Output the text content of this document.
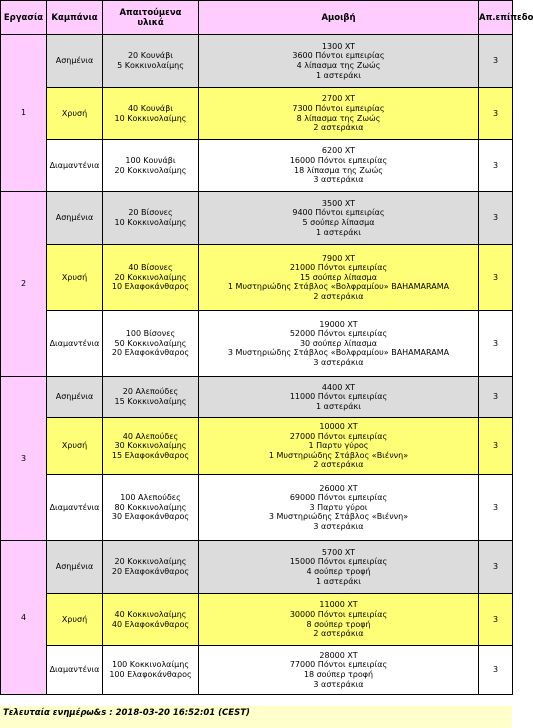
Εργασία	Καμπάνια	Απαιτούμενα υλικά	Αμοιβή	Απ.επίπεδο
1	Ασημένια	20 Κουνάβι
5 Κοκκινολαίμης	1300 XT
3600 Πόντοι εμπειρίας
4 λίπασμα της Ζωώς
1 αστεράκι	3
	Χρυσή	40 Κουνάβι
10 Κοκκινολαίμης	2700 XT
7300 Πόντοι εμπειρίας
8 λίπασμα της Ζωώς
2 αστεράκια	3
	Διαμαντένια	100 Κουνάβι
20 Κοκκινολαίμης	6200 XT
16000 Πόντοι εμπειρίας
18 λίπασμα της Ζωώς
3 αστεράκια	3
2	Ασημένια	20 Βίσονες
10 Κοκκινολαίμης	3500 XT
9400 Πόντοι εμπειρίας
5 σούπερ λίπασμα
1 αστεράκι	3
	Χρυσή	40 Βίσονες
20 Κοκκινολαίμης
10 Ελαφοκάνθαρος	7900 XT
21000 Πόντοι εμπειρίας
15 σούπερ λίπασμα
1 Μυστηριώδης Στάβλος «Βολφραμίου» ΒΑΗΑΜΑRAΜΑ
2 αστεράκια	3
	Διαμαντένια	100 Βίσονες
50 Κοκκινολαίμης
20 Ελαφοκάνθαρος	19000 XT
52000 Πόντοι εμπειρίας
30 σούπερ λίπασμα
3 Μυστηριώδης Στάβλος «Βολφραμίου» ΒΑΗΑΜΑRAΜΑ
3 αστεράκια	3
3	Ασημένια	20 Αλεπούδες
15 Κοκκινολαίμης	4400 XT
11000 Πόντοι εμπειρίας
1 αστεράκι	3
	Χρυσή	40 Αλεπούδες
30 Κοκκινολαίμης
15 Ελαφοκάνθαρος	10000 XT
27000 Πόντοι εμπειρίας
1 Παρτυ γύρος
1 Μυστηριώδης Στάβλος «Βιέννη»
2 αστεράκια	3
	Διαμαντένια	100 Αλεπούδες
80 Κοκκινολαίμης
30 Ελαφοκάνθαρος	26000 XT
69000 Πόντοι εμπειρίας
3 Παρτυ γύροι
3 Μυστηριώδης Στάβλος «Βιέννη»
3 αστεράκια	3
4	Ασημένια	20 Κοκκινολαίμης
20 Ελαφοκάνθαρος	5700 XT
15000 Πόντοι εμπειρίας
4 σούπερ τροφή
1 αστεράκι	3
	Χρυσή	40 Κοκκινολαίμης
40 Ελαφοκάνθαρος	11000 XT
30000 Πόντοι εμπειρίας
8 σούπερ τροφή
2 αστεράκια	3
	Διαμαντένια	100 Κοκκινολαίμης
100 Ελαφοκάνθαρος	28000 XT
77000 Πόντοι εμπειρίας
18 σούπερ τροφή
3 αστεράκια	3
Τελευταία ενημέρω&s : 2018-03-20 16:52:01 (CEST)
